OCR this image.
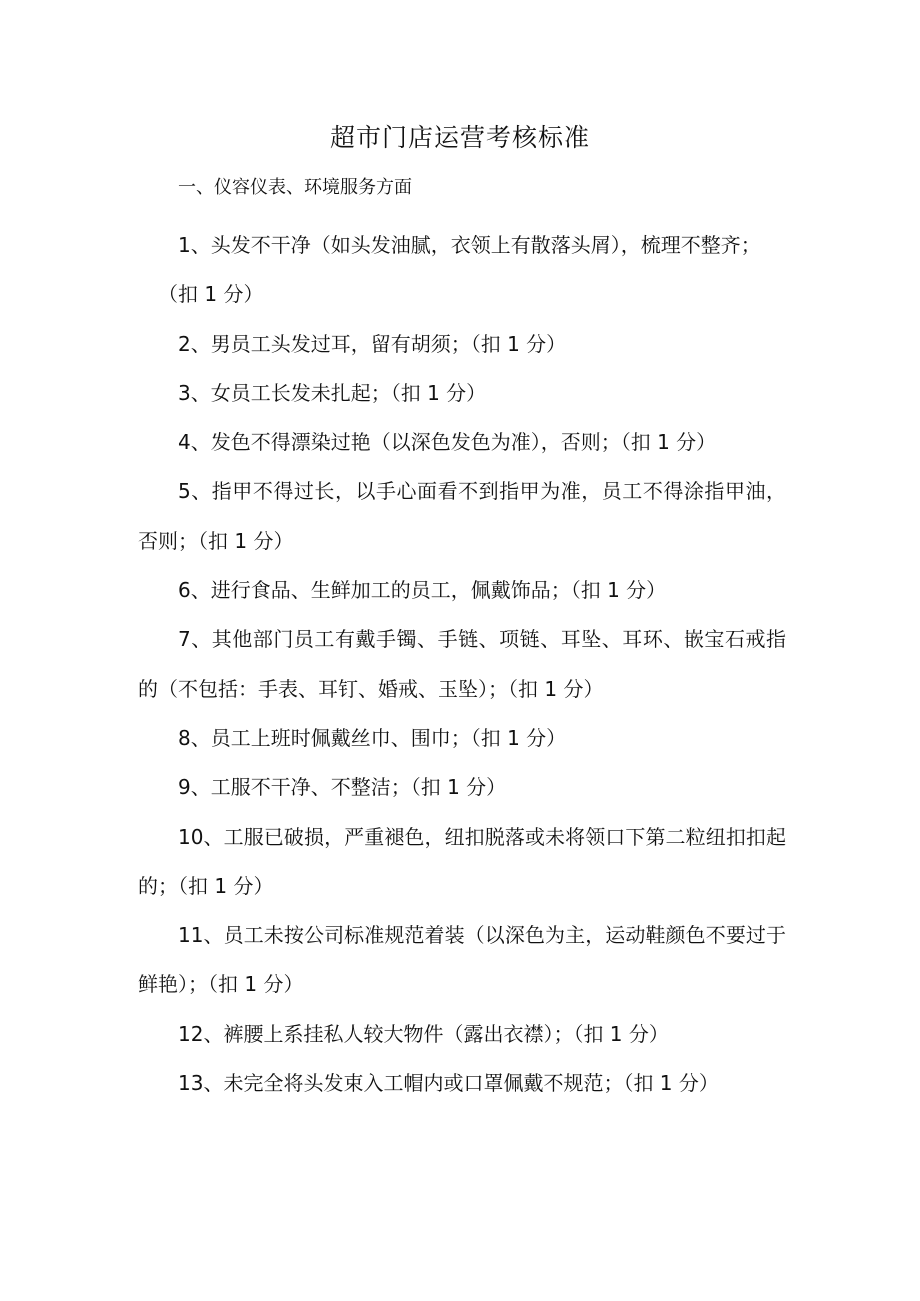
超市门店运营考核标准
一、仪容仪表、环境服务方面
1、头发不干净（如头发油腻，衣领上有散落头屑），梳理不整齐；
（扣 1 分）
2、男员工头发过耳，留有胡须；（扣 1 分）
3、女员工长发未扎起；（扣 1 分）
4、发色不得漂染过艳（以深色发色为准），否则；（扣 1 分）
5、指甲不得过长，以手心面看不到指甲为准，员工不得涂指甲油，否则；（扣 1 分）
6、进行食品、生鲜加工的员工，佩戴饰品；（扣 1 分）
7、其他部门员工有戴手镯、手链、项链、耳坠、耳环、嵌宝石戒指的（不包括：手表、耳钉、婚戒、玉坠）；（扣 1 分）
8、员工上班时佩戴丝巾、围巾；（扣 1 分）
9、工服不干净、不整洁；（扣 1 分）
10、工服已破损，严重褪色，纽扣脱落或未将领口下第二粒纽扣扣起的；（扣 1 分）
11、员工未按公司标准规范着装（以深色为主，运动鞋颜色不要过于鲜艳）；（扣 1 分）
12、裤腰上系挂私人较大物件（露出衣襟）；（扣 1 分）
13、未完全将头发束入工帽内或口罩佩戴不规范；（扣 1 分）
